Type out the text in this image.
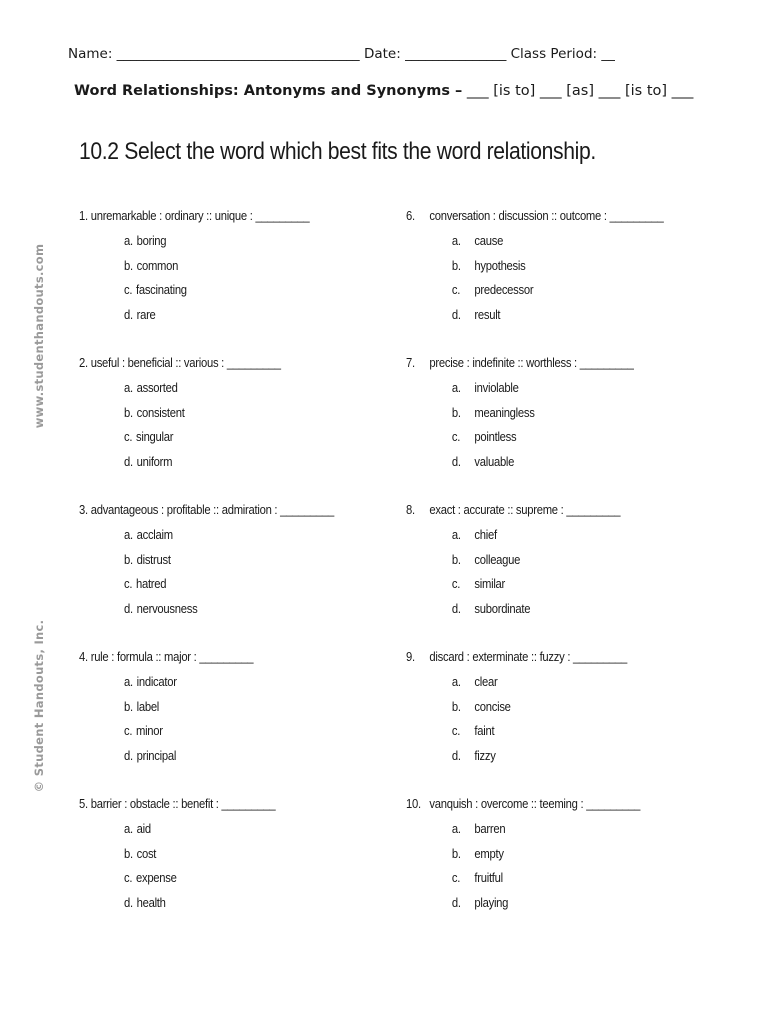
Name: ____________________________________ Date: _______________ Class Period: __
Word Relationships: Antonyms and Synonyms – ___ [is to] ___ [as] ___ [is to] ___
10.2 Select the word which best fits the word relationship.
www.studenthandouts.com
© Student Handouts, Inc.
1. unremarkable : ordinary :: unique : _________
a. boring
b. common
c. fascinating
d. rare
2. useful : beneficial :: various : _________
a. assorted
b. consistent
c. singular
d. uniform
3. advantageous : profitable :: admiration : _________
a. acclaim
b. distrust
c. hatred
d. nervousness
4. rule : formula :: major : _________
a. indicator
b. label
c. minor
d. principal
5. barrier : obstacle :: benefit : _________
a. aid
b. cost
c. expense
d. health
6. conversation : discussion :: outcome : _________
a. cause
b. hypothesis
c. predecessor
d. result
7. precise : indefinite :: worthless : _________
a. inviolable
b. meaningless
c. pointless
d. valuable
8. exact : accurate :: supreme : _________
a. chief
b. colleague
c. similar
d. subordinate
9. discard : exterminate :: fuzzy : _________
a. clear
b. concise
c. faint
d. fizzy
10. vanquish : overcome :: teeming : _________
a. barren
b. empty
c. fruitful
d. playing
